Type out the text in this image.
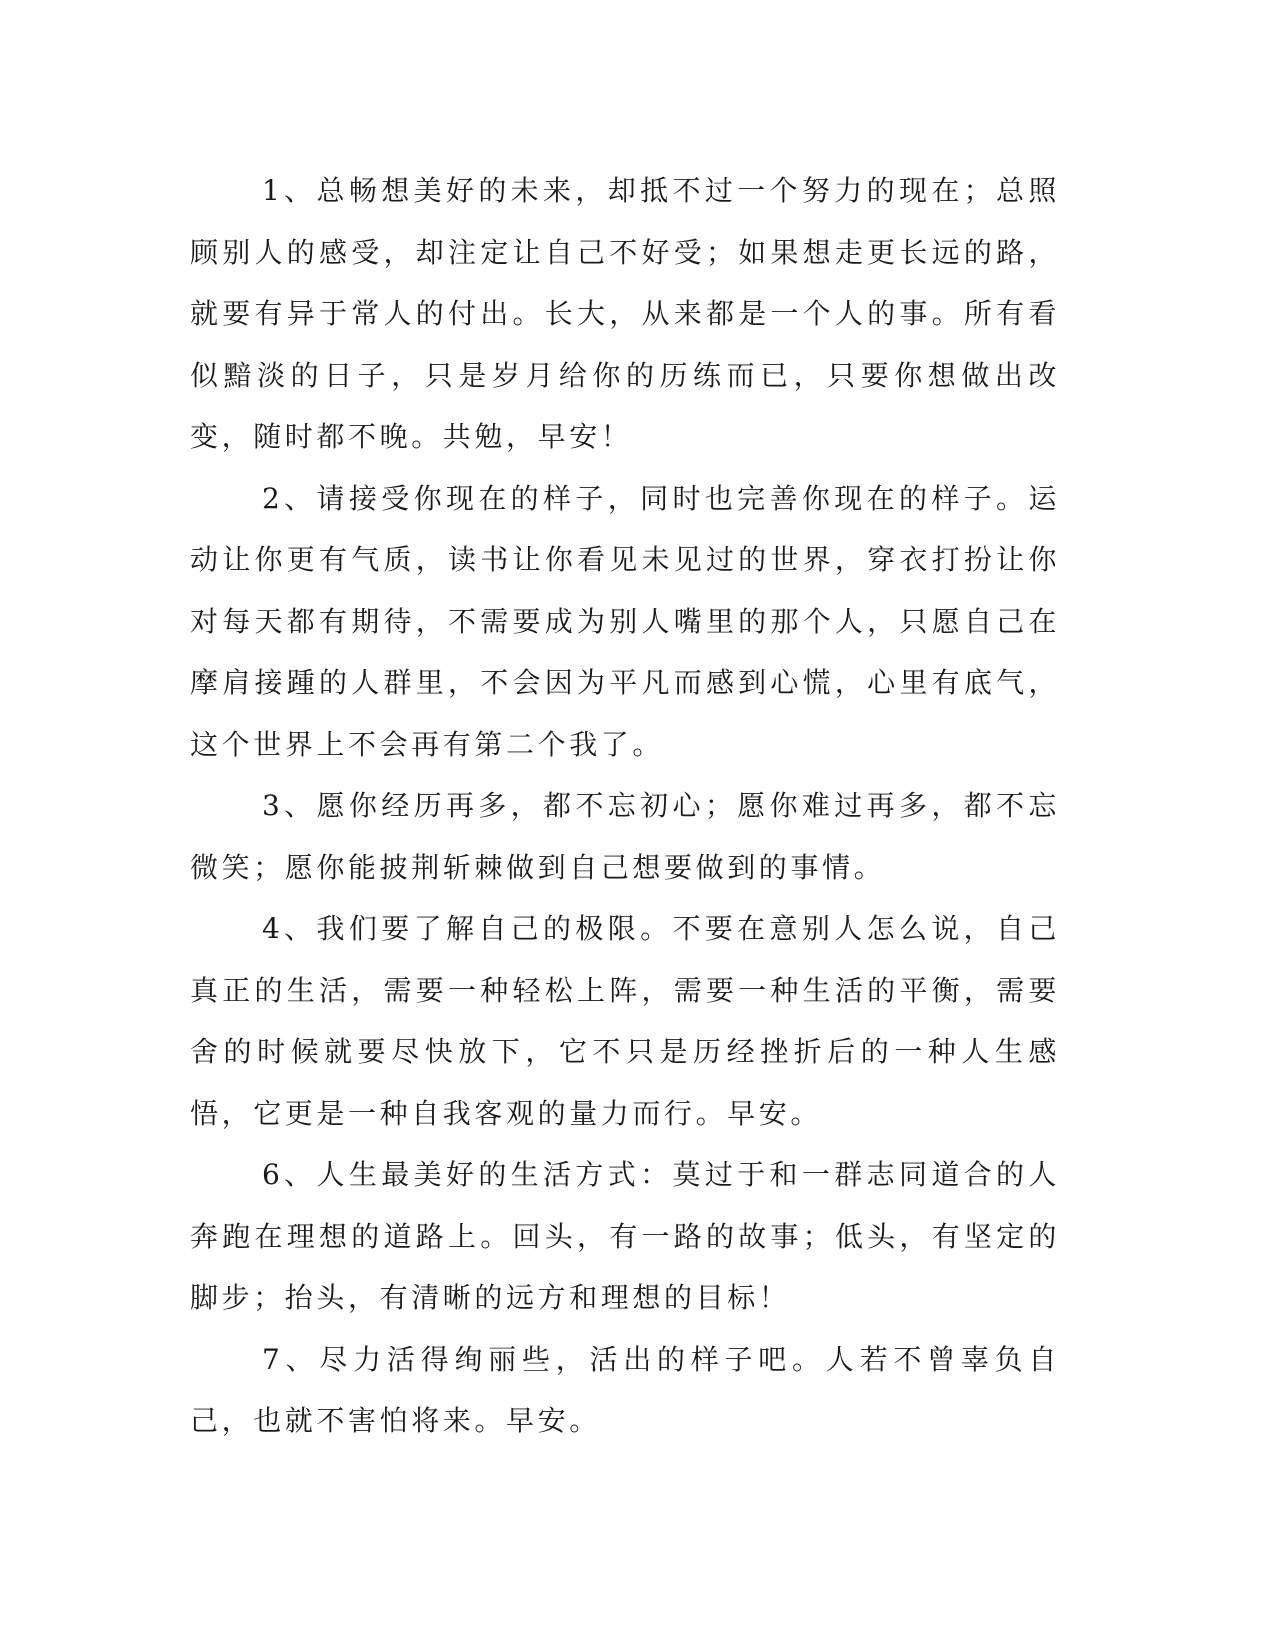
1、总畅想美好的未来，却抵不过一个努力的现在；总照顾别人的感受，却注定让自己不好受；如果想走更长远的路，就要有异于常人的付出。长大，从来都是一个人的事。所有看似黯淡的日子，只是岁月给你的历练而已，只要你想做出改变，随时都不晚。共勉，早安！

2、请接受你现在的样子，同时也完善你现在的样子。运动让你更有气质，读书让你看见未见过的世界，穿衣打扮让你对每天都有期待，不需要成为别人嘴里的那个人，只愿自己在摩肩接踵的人群里，不会因为平凡而感到心慌，心里有底气，这个世界上不会再有第二个我了。

3、愿你经历再多，都不忘初心；愿你难过再多，都不忘微笑；愿你能披荆斩棘做到自己想要做到的事情。

4、我们要了解自己的极限。不要在意别人怎么说，自己真正的生活，需要一种轻松上阵，需要一种生活的平衡，需要舍的时候就要尽快放下，它不只是历经挫折后的一种人生感悟，它更是一种自我客观的量力而行。早安。

6、人生最美好的生活方式：莫过于和一群志同道合的人奔跑在理想的道路上。回头，有一路的故事；低头，有坚定的脚步；抬头，有清晰的远方和理想的目标！

7、尽力活得绚丽些，活出的样子吧。人若不曾辜负自己，也就不害怕将来。早安。
